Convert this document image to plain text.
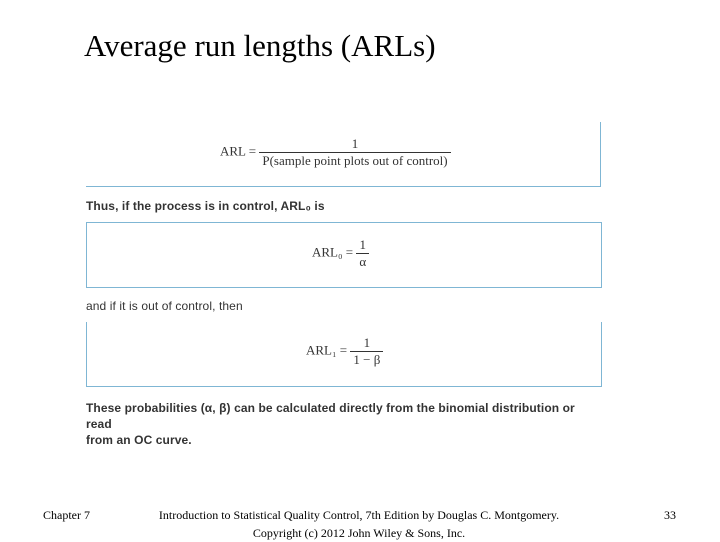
Average run lengths (ARLs)
ARL = $\frac{1}{\text{P(sample point plots out of control)}}$
Thus, if the process is in control, ARL₀ is
$ARL_0 = \frac{1}{\alpha}$
and if it is out of control, then
$ARL_1 = \frac{1}{1 - \beta}$
These probabilities (α, β) can be calculated directly from the binomial distribution or read
from an OC curve.
Chapter 7	Introduction to Statistical Quality Control, 7th Edition by Douglas C. Montgomery.
Copyright (c) 2012 John Wiley & Sons, Inc.
33
